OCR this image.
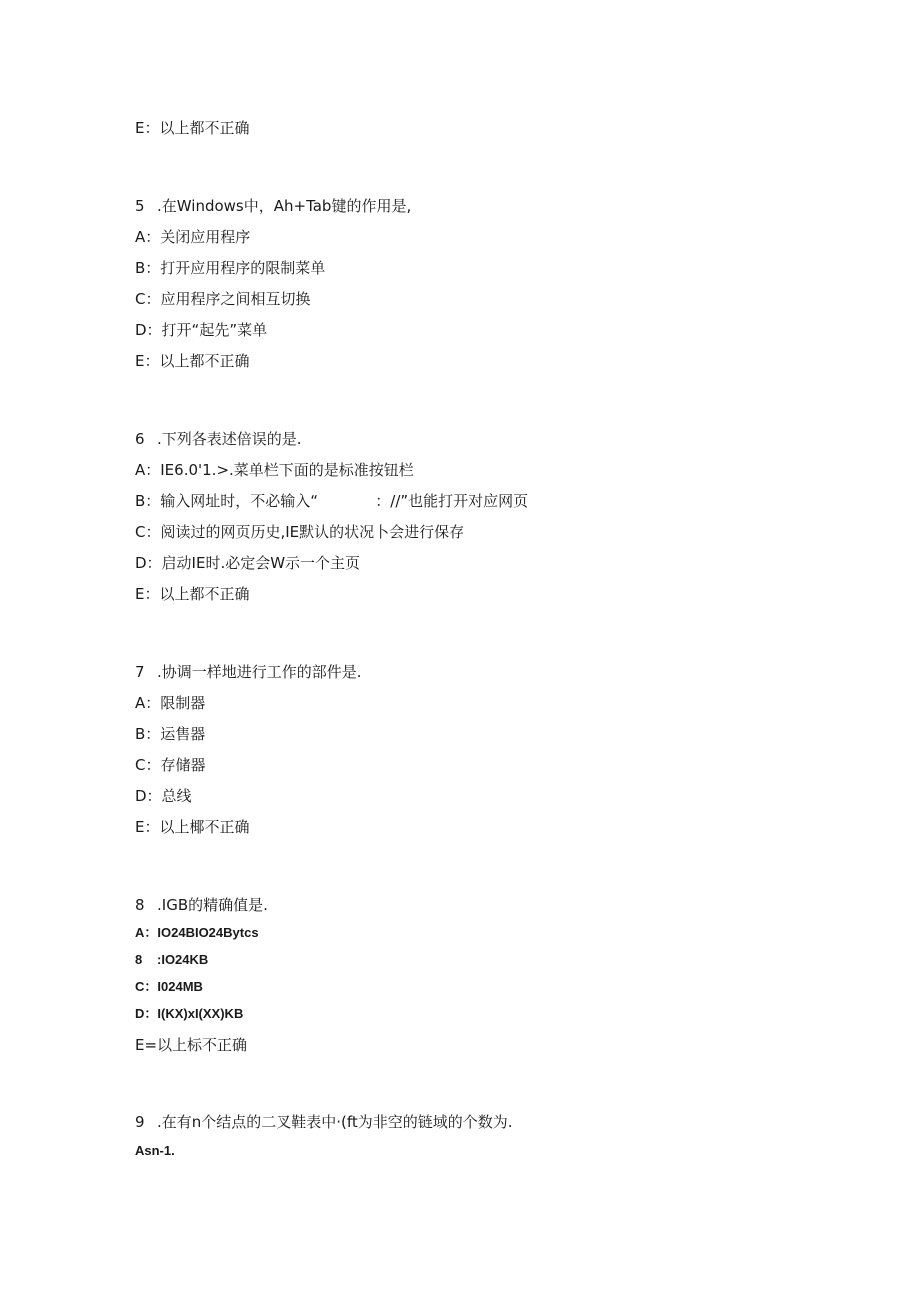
E：以上都不正确
5 .在Windows中，Ah+Tab键的作用是,
A：关闭应用程序
B：打开应用程序的限制菜单
C：应用程序之间相互切换
D：打开“起先”菜单
E：以上都不正确
6 .下列各表述倍误的是.
A：IE6.0'1.>.菜单栏下面的是标准按钮栏
B：输入网址时，不必输入“            ：//”也能打开对应网页
C：阅读过的网页历史,IE默认的状况卜会进行保存
D：启动IE时.必定会W示一个主页
E：以上都不正确
7 .协调一样地进行工作的部件是.
A：限制器
B：运售器
C：存储器
D：总线
E：以上椰不正确
8 .IGB的精确值是.
A：IO24BIO24Bytcs
8 :IO24KB
C：I024MB
D：I(KX)xI(XX)KB
E=以上标不正确
9 .在有n个结点的二叉鞋表中·(ft为非空的链域的个数为.
Asn-1.
